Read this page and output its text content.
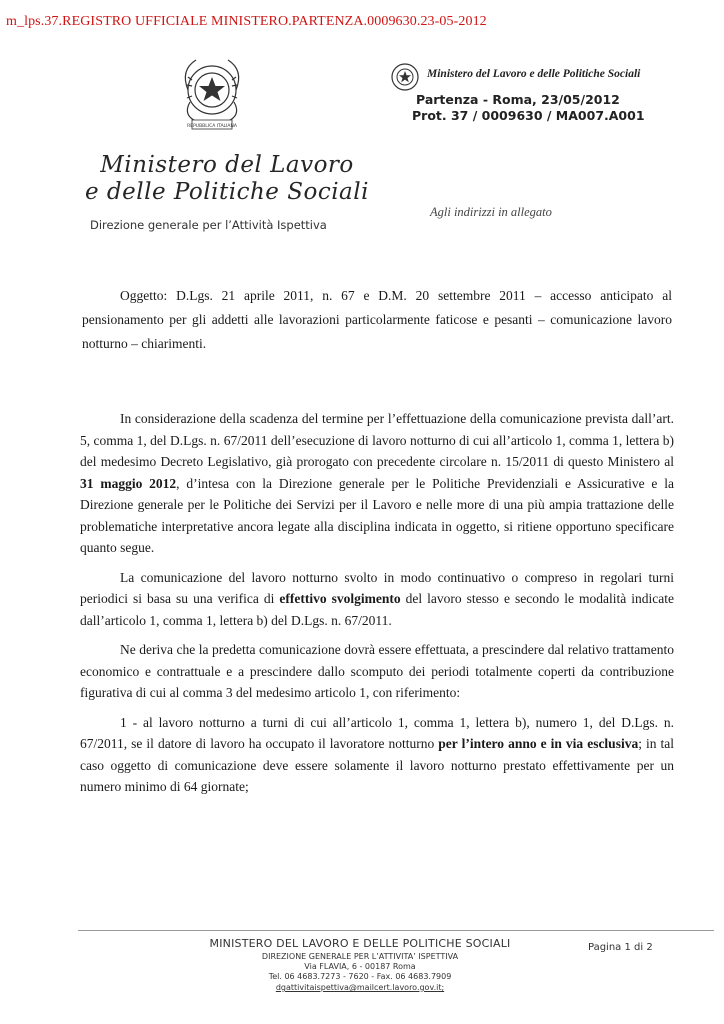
m_lps.37.REGISTRO UFFICIALE MINISTERO.PARTENZA.0009630.23-05-2012
REPUBBLICA ITALIANA
Ministero del Lavoro
e delle Politiche Sociali
Direzione generale per l’Attività Ispettiva
Ministero del Lavoro e delle Politiche Sociali
Partenza - Roma, 23/05/2012
Prot. 37 / 0009630 / MA007.A001
Agli indirizzi in allegato
Oggetto: D.Lgs. 21 aprile 2011, n. 67 e D.M. 20 settembre 2011 – accesso anticipato al pensionamento per gli addetti alle lavorazioni particolarmente faticose e pesanti – comunicazione lavoro notturno – chiarimenti.

In considerazione della scadenza del termine per l’effettuazione della comunicazione prevista dall’art. 5, comma 1, del D.Lgs. n. 67/2011 dell’esecuzione di lavoro notturno di cui all’articolo 1, comma 1, lettera b) del medesimo Decreto Legislativo, già prorogato con precedente circolare n. 15/2011 di questo Ministero al 31 maggio 2012, d’intesa con la Direzione generale per le Politiche Previdenziali e Assicurative e la Direzione generale per le Politiche dei Servizi per il Lavoro e nelle more di una più ampia trattazione delle problematiche interpretative ancora legate alla disciplina indicata in oggetto, si ritiene opportuno specificare quanto segue.

La comunicazione del lavoro notturno svolto in modo continuativo o compreso in regolari turni periodici si basa su una verifica di effettivo svolgimento del lavoro stesso e secondo le modalità indicate dall’articolo 1, comma 1, lettera b) del D.Lgs. n. 67/2011.

Ne deriva che la predetta comunicazione dovrà essere effettuata, a prescindere dal relativo trattamento economico e contrattuale e a prescindere dallo scomputo dei periodi totalmente coperti da contribuzione figurativa di cui al comma 3 del medesimo articolo 1, con riferimento:

1 - al lavoro notturno a turni di cui all’articolo 1, comma 1, lettera b), numero 1, del D.Lgs. n. 67/2011, se il datore di lavoro ha occupato il lavoratore notturno per l’intero anno e in via esclusiva; in tal caso oggetto di comunicazione deve essere solamente il lavoro notturno prestato effettivamente per un numero minimo di 64 giornate;

MINISTERO DEL LAVORO E DELLE POLITICHE SOCIALI
DIREZIONE GENERALE PER L’ATTIVITA’ ISPETTIVA
Via FLAVIA, 6 - 00187 Roma
Tel. 06 4683.7273 - 7620 - Fax. 06 4683.7909
dgattivitaispettiva@mailcert.lavoro.gov.it;
Pagina 1 di 2
